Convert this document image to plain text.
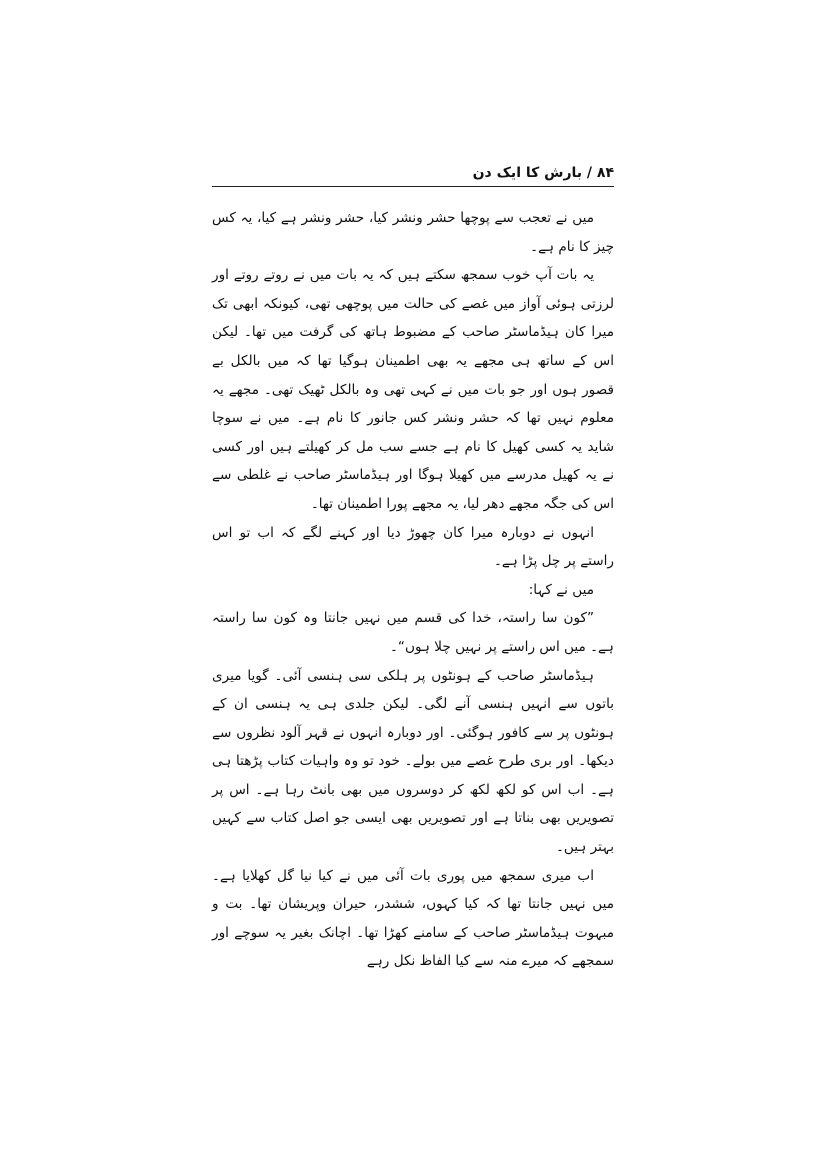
۸۴ / بارش کا ایک دن

میں نے تعجب سے پوچھا حشر ونشر کیا، حشر ونشر ہے کیا، یہ کس چیز کا نام ہے۔

یہ بات آپ خوب سمجھ سکتے ہیں کہ یہ بات میں نے روتے روتے اور لرزتی ہوئی آواز میں غصے کی حالت میں پوچھی تھی، کیونکہ ابھی تک میرا کان ہیڈماسٹر صاحب کے مضبوط ہاتھ کی گرفت میں تھا۔ لیکن اس کے ساتھ ہی مجھے یہ بھی اطمینان ہوگیا تھا کہ میں بالکل بے قصور ہوں اور جو بات میں نے کہی تھی وہ بالکل ٹھیک تھی۔ مجھے یہ معلوم نہیں تھا کہ حشر ونشر کس جانور کا نام ہے۔ میں نے سوچا شاید یہ کسی کھیل کا نام ہے جسے سب مل کر کھیلتے ہیں اور کسی نے یہ کھیل مدرسے میں کھیلا ہوگا اور ہیڈماسٹر صاحب نے غلطی سے اس کی جگہ مجھے دھر لیا، یہ مجھے پورا اطمینان تھا۔

انہوں نے دوبارہ میرا کان چھوڑ دیا اور کہنے لگے کہ اب تو اس راستے پر چل پڑا ہے۔

میں نے کہا:

”کون سا راستہ، خدا کی قسم میں نہیں جانتا وہ کون سا راستہ ہے۔ میں اس راستے پر نہیں چلا ہوں“۔

ہیڈماسٹر صاحب کے ہونٹوں پر ہلکی سی ہنسی آئی۔ گویا میری باتوں سے انہیں ہنسی آنے لگی۔ لیکن جلدی ہی یہ ہنسی ان کے ہونٹوں پر سے کافور ہوگئی۔ اور دوبارہ انہوں نے قہر آلود نظروں سے دیکھا۔ اور بری طرح غصے میں بولے۔ خود تو وہ واہیات کتاب پڑھتا ہی ہے۔ اب اس کو لکھ لکھ کر دوسروں میں بھی بانٹ رہا ہے۔ اس پر تصویریں بھی بناتا ہے اور تصویریں بھی ایسی جو اصل کتاب سے کہیں بہتر ہیں۔

اب میری سمجھ میں پوری بات آئی میں نے کیا نیا گل کھلایا ہے۔ میں نہیں جانتا تھا کہ کیا کہوں، ششدر، حیران وپریشان تھا۔ بت و مبہوت ہیڈماسٹر صاحب کے سامنے کھڑا تھا۔ اچانک بغیر یہ سوچے اور سمجھے کہ میرے منہ سے کیا الفاظ نکل رہے
